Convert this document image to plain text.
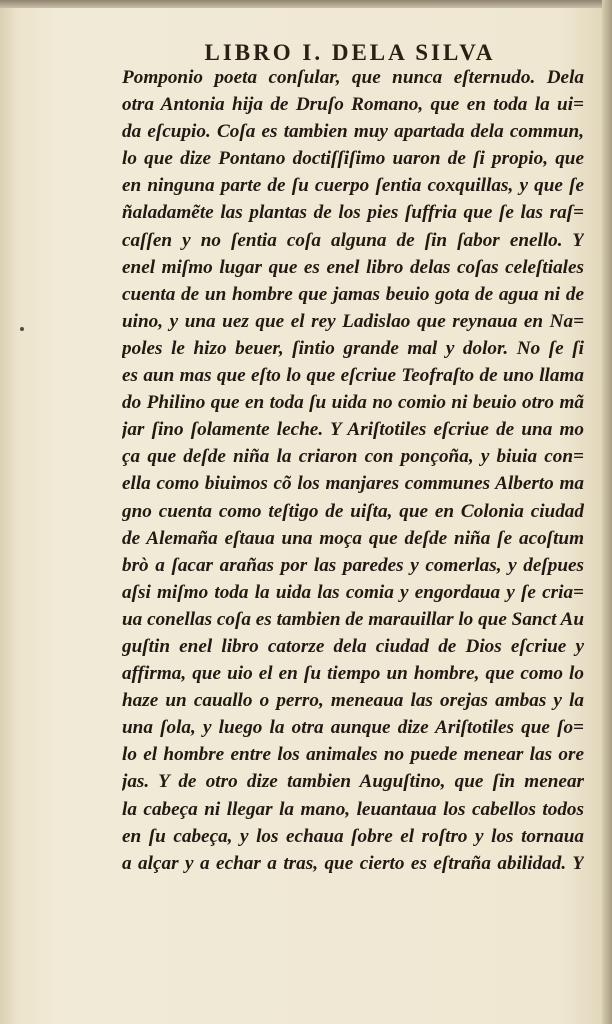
LIBRO I. DELA SILVA
Pomponio poeta conſular, que nunca eſternudo. Dela
otra Antonia hija de Druſo Romano, que en toda la ui=
da eſcupio. Coſa es tambien muy apartada dela commun,
lo que dize Pontano doctiſſiſimo uaron de ſi propio, que
en ninguna parte de ſu cuerpo ſentia coxquillas, y que ſe
ñaladamẽte las plantas de los pies ſuffria que ſe las raſ=
caſſen y no ſentia coſa alguna de ſin ſabor enello. Y
enel miſmo lugar que es enel libro delas coſas celeſtiales
cuenta de un hombre que jamas beuio gota de agua ni de
uino, y una uez que el rey Ladislao que reynaua en Na=
poles le hizo beuer, ſintio grande mal y dolor. No ſe ſi
es aun mas que eſto lo que eſcriue Teofraſto de uno llama
do Philino que en toda ſu uida no comio ni beuio otro mã
jar ſino ſolamente leche. Y Ariſtotiles eſcriue de una mo
ça que deſde niña la criaron con ponçoña, y biuia con=
ella como biuimos cõ los manjares communes Alberto ma
gno cuenta como teſtigo de uiſta, que en Colonia ciudad
de Alemaña eſtaua una moça que deſde niña ſe acoſtum
brò a ſacar arañas por las paredes y comerlas, y deſpues
aſsi miſmo toda la uida las comia y engordaua y ſe cria=
ua conellas coſa es tambien de marauillar lo que Sanct Au
guſtin enel libro catorze dela ciudad de Dios eſcriue y
affirma, que uio el en ſu tiempo un hombre, que como lo
haze un cauallo o perro, meneaua las orejas ambas y la
una ſola, y luego la otra aunque dize Ariſtotiles que ſo=
lo el hombre entre los animales no puede menear las ore
jas. Y de otro dize tambien Auguſtino, que ſin menear
la cabeça ni llegar la mano, leuantaua los cabellos todos
en ſu cabeça, y los echaua ſobre el roſtro y los tornaua
a alçar y a echar a tras, que cierto es eſtraña abilidad. Y
